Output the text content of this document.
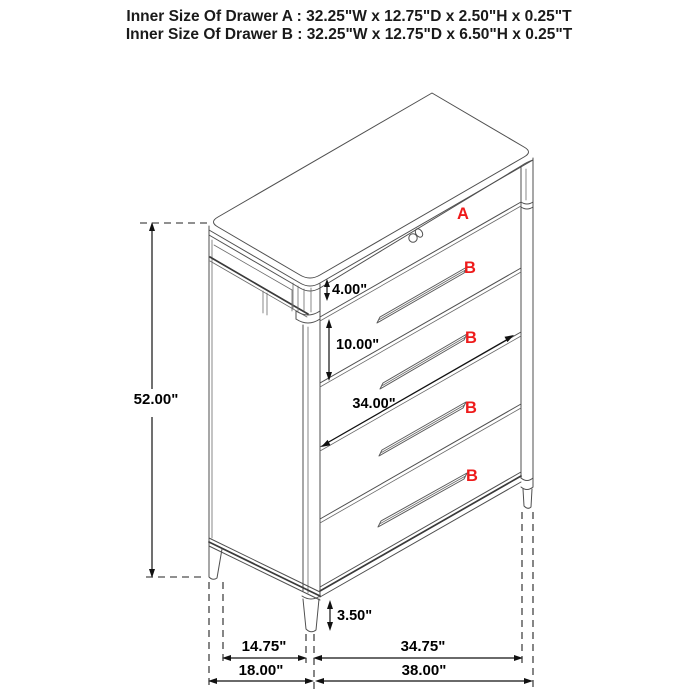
Inner Size Of Drawer A : 32.25"W x 12.75"D x 2.50"H x 0.25"T
Inner Size Of Drawer B : 32.25"W x 12.75"D x 6.50"H x 0.25"T
A
B
B
B
B
52.00"
4.00"
10.00"
34.00"
3.50"
14.75"	34.75"
18.00"	38.00"
